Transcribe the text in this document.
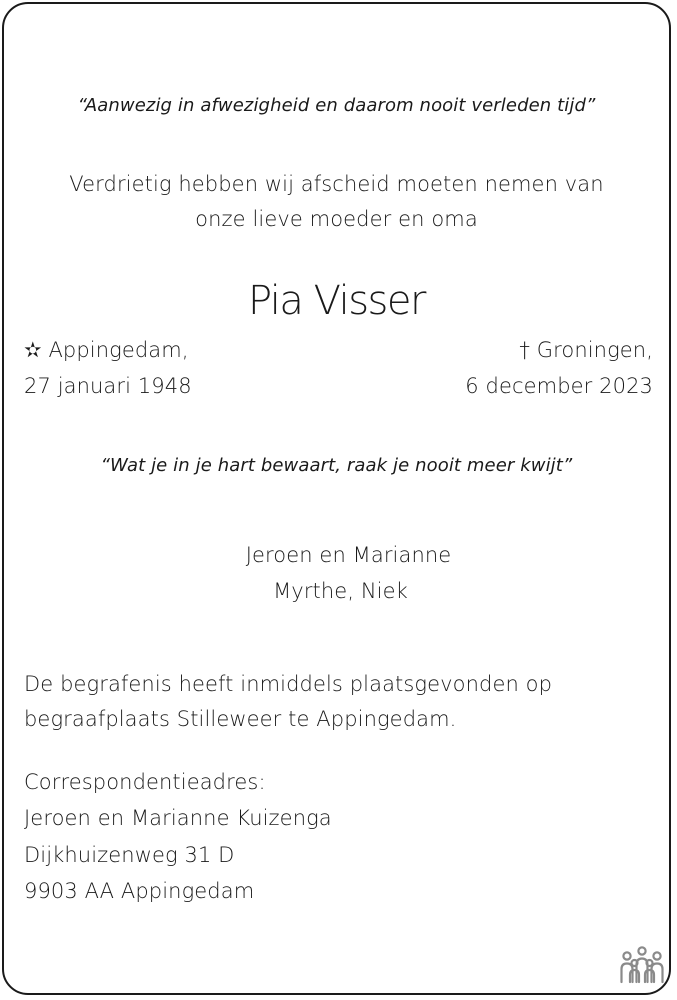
“Aanwezig in afwezigheid en daarom nooit verleden tijd”
Verdrietig hebben wij afscheid moeten nemen van
onze lieve moeder en oma
Pia Visser
✫ Appingedam,
27 januari 1948
† Groningen,
6 december 2023
“Wat je in je hart bewaart, raak je nooit meer kwijt”
Jeroen en Marianne
Myrthe, Niek
De begrafenis heeft inmiddels plaatsgevonden op
begraafplaats Stilleweer te Appingedam.
Correspondentieadres:
Jeroen en Marianne Kuizenga
Dijkhuizenweg 31 D
9903 AA Appingedam
